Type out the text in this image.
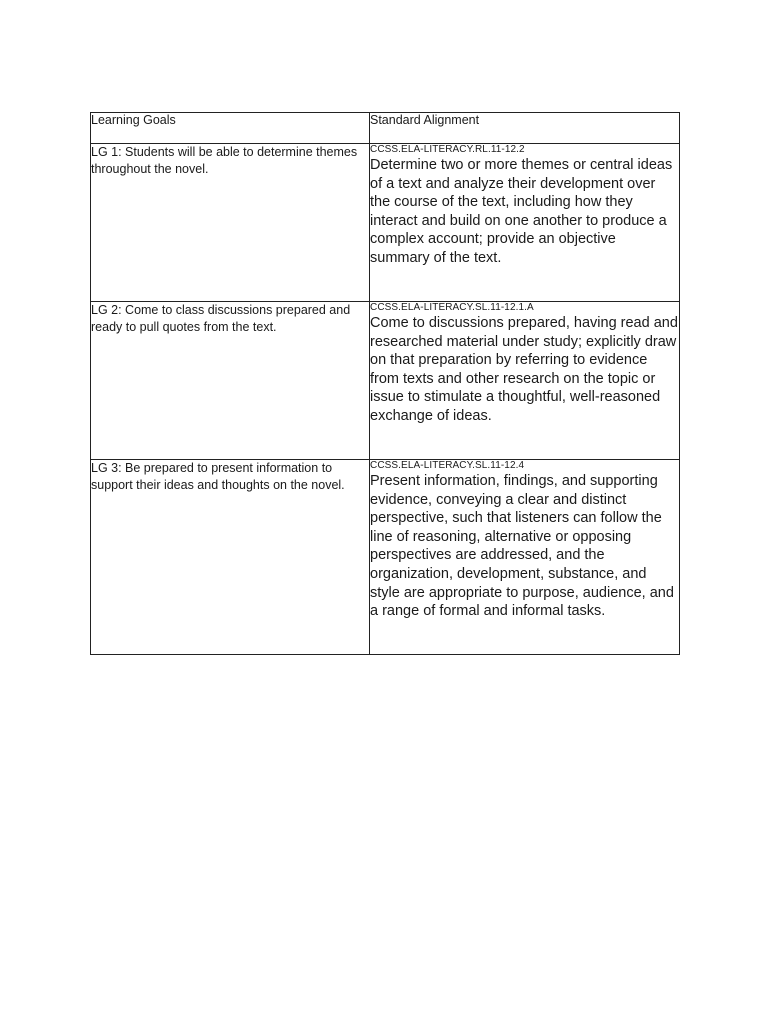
Learning Goals	Standard Alignment
LG 1: Students will be able to determine themes throughout the novel.	CCSS.ELA-LITERACY.RL.11-12.2
Determine two or more themes or central ideas of a text and analyze their development over the course of the text, including how they interact and build on one another to produce a complex account; provide an objective summary of the text.

LG 2: Come to class discussions prepared and ready to pull quotes from the text.	CCSS.ELA-LITERACY.SL.11-12.1.A
Come to discussions prepared, having read and researched material under study; explicitly draw on that preparation by referring to evidence from texts and other research on the topic or issue to stimulate a thoughtful, well-reasoned exchange of ideas.

LG 3: Be prepared to present information to support their ideas and thoughts on the novel.	CCSS.ELA-LITERACY.SL.11-12.4
Present information, findings, and supporting evidence, conveying a clear and distinct perspective, such that listeners can follow the line of reasoning, alternative or opposing perspectives are addressed, and the organization, development, substance, and style are appropriate to purpose, audience, and a range of formal and informal tasks.
